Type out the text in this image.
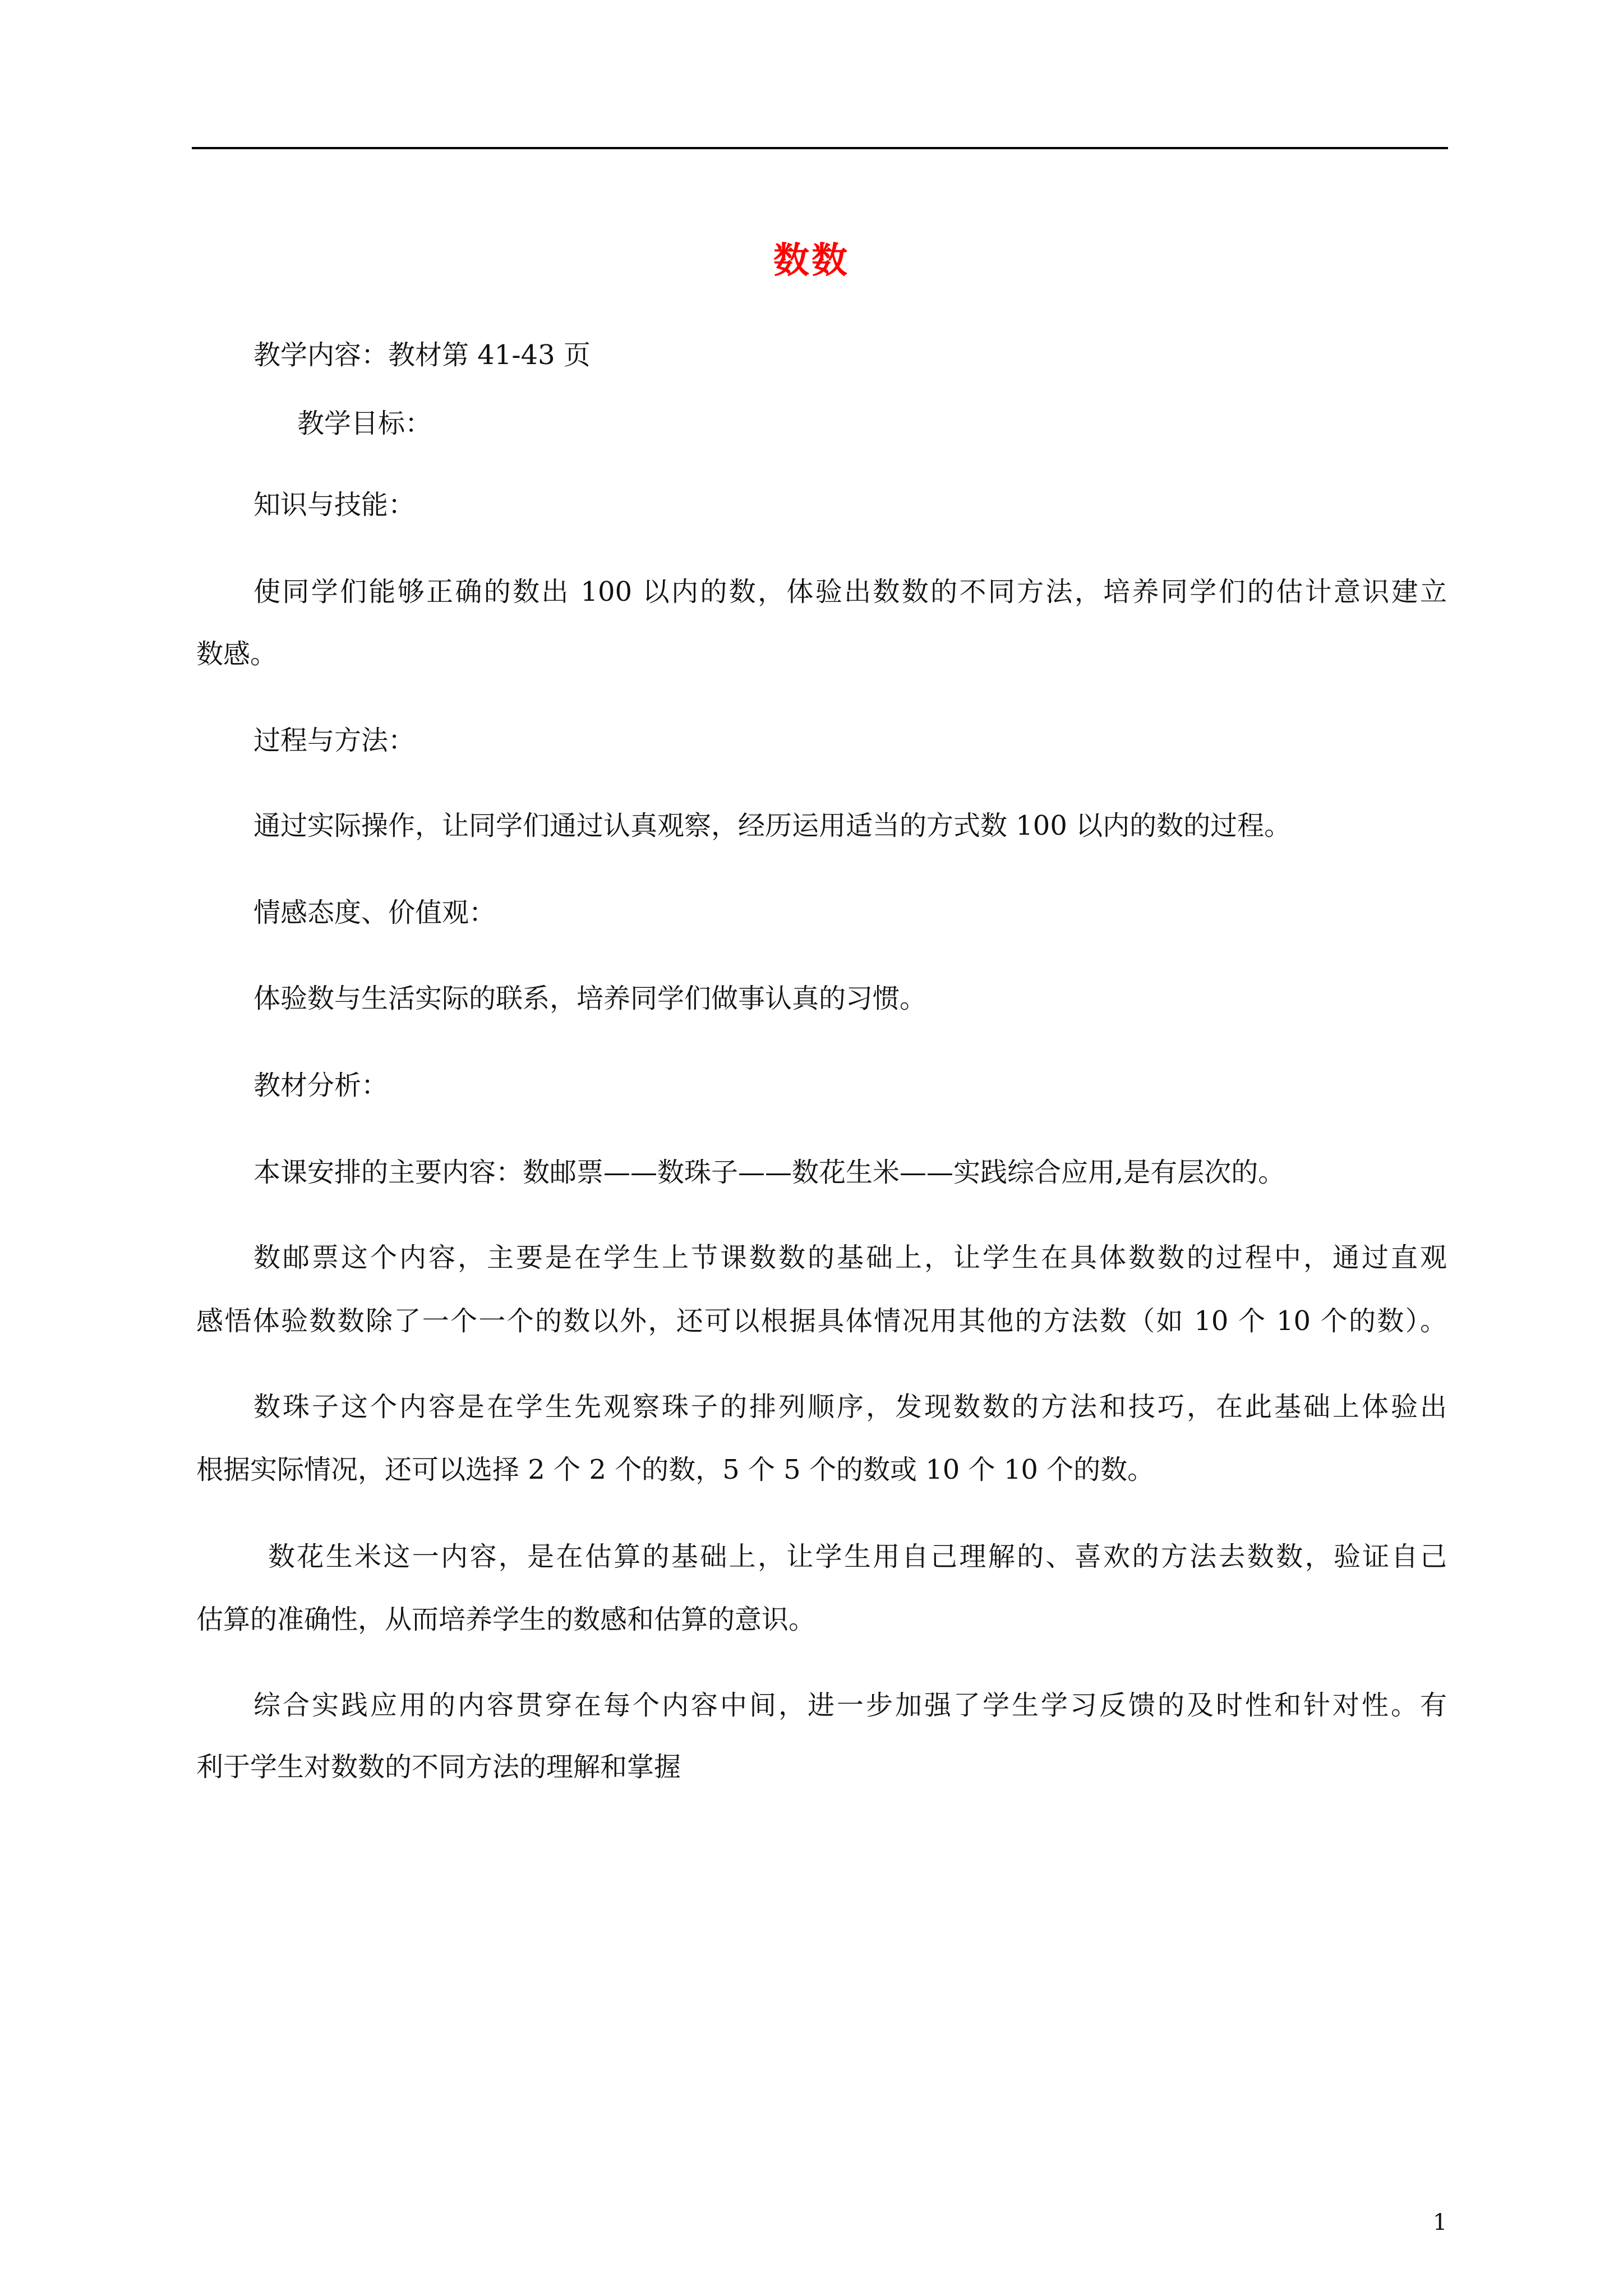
数数
教学内容：教材第 41-43 页
教学目标：
知识与技能：
使同学们能够正确的数出 100 以内的数，体验出数数的不同方法，培养同学们的估计意识建立
数感。
过程与方法：
通过实际操作，让同学们通过认真观察，经历运用适当的方式数 100 以内的数的过程。
情感态度、价值观：
体验数与生活实际的联系，培养同学们做事认真的习惯。
教材分析：
本课安排的主要内容：数邮票——数珠子——数花生米——实践综合应用,是有层次的。
数邮票这个内容，主要是在学生上节课数数的基础上，让学生在具体数数的过程中，通过直观
感悟体验数数除了一个一个的数以外，还可以根据具体情况用其他的方法数（如 10 个 10 个的数）。
数珠子这个内容是在学生先观察珠子的排列顺序，发现数数的方法和技巧，在此基础上体验出
根据实际情况，还可以选择 2 个 2 个的数，5 个 5 个的数或 10 个 10 个的数。
数花生米这一内容，是在估算的基础上，让学生用自己理解的、喜欢的方法去数数，验证自己
估算的准确性，从而培养学生的数感和估算的意识。
综合实践应用的内容贯穿在每个内容中间，进一步加强了学生学习反馈的及时性和针对性。有
利于学生对数数的不同方法的理解和掌握
1
